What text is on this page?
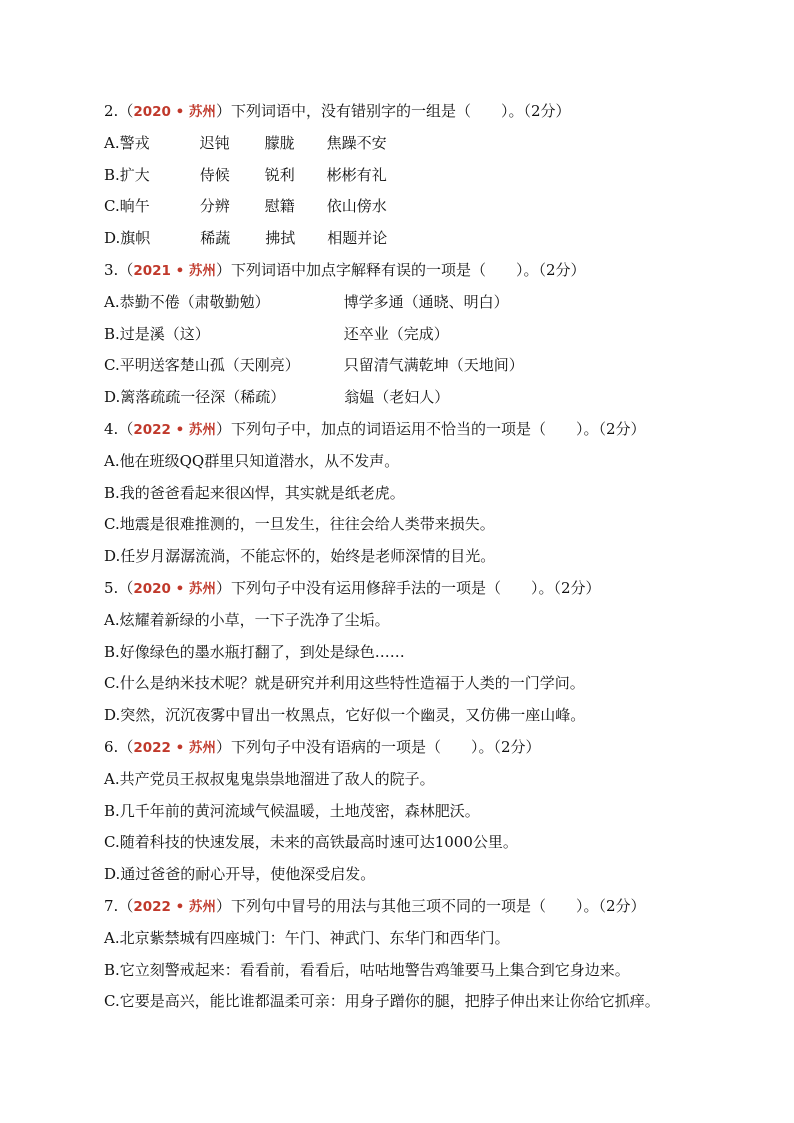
2.（2020 • 苏州）下列词语中，没有错别字的一组是（　　）。（2分）
A.警戎	迟钝 朦胧 焦躁不安
B.扩大	侍候 锐利 彬彬有礼
C.晌午	分辨 慰籍 依山傍水
D.旗帜	稀蔬 拂拭 相题并论
3.（2021 • 苏州）下列词语中加点字解释有误的一项是（　　）。（2分）
A.恭勤不倦（肃敬勤勉）	博学多通（通晓、明白）
B.过是溪（这）	还卒业（完成）
C.平明送客楚山孤（天刚亮）	只留清气满乾坤（天地间）
D.篱落疏疏一径深（稀疏）	翁媪（老妇人）
4.（2022 • 苏州）下列句子中，加点的词语运用不恰当的一项是（　　）。（2分）
A.他在班级QQ群里只知道潜水，从不发声。
B.我的爸爸看起来很凶悍，其实就是纸老虎。
C.地震是很难推测的，一旦发生，往往会给人类带来损失。
D.任岁月潺潺流淌，不能忘怀的，始终是老师深情的目光。
5.（2020 • 苏州）下列句子中没有运用修辞手法的一项是（　　）。（2分）
A.炫耀着新绿的小草，一下子洗净了尘垢。
B.好像绿色的墨水瓶打翻了，到处是绿色……
C.什么是纳米技术呢？就是研究并利用这些特性造福于人类的一门学问。
D.突然，沉沉夜雾中冒出一枚黑点，它好似一个幽灵，又仿佛一座山峰。
6.（2022 • 苏州）下列句子中没有语病的一项是（　　）。（2分）
A.共产党员王叔叔鬼鬼祟祟地溜进了敌人的院子。
B.几千年前的黄河流域气候温暖，土地茂密，森林肥沃。
C.随着科技的快速发展，未来的高铁最高时速可达1000公里。
D.通过爸爸的耐心开导，使他深受启发。
7.（2022 • 苏州）下列句中冒号的用法与其他三项不同的一项是（　　）。（2分）
A.北京紫禁城有四座城门：午门、神武门、东华门和西华门。
B.它立刻警戒起来：看看前，看看后，咕咕地警告鸡雏要马上集合到它身边来。
C.它要是高兴，能比谁都温柔可亲：用身子蹭你的腿，把脖子伸出来让你给它抓痒。
